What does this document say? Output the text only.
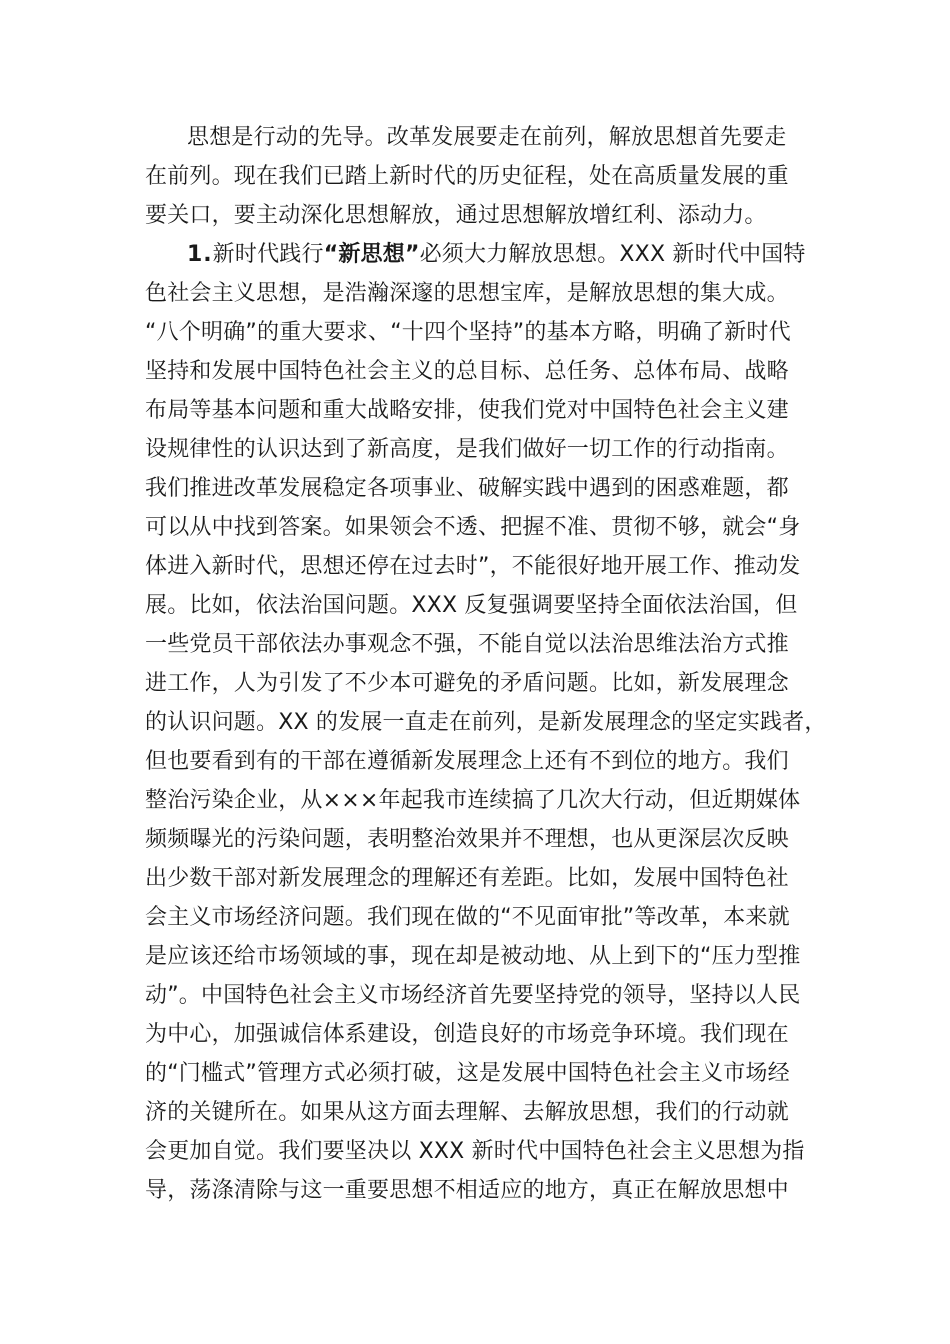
思想是行动的先导。改革发展要走在前列，解放思想首先要走

在前列。现在我们已踏上新时代的历史征程，处在高质量发展的重

要关口，要主动深化思想解放，通过思想解放增红利、添动力。

1.新时代践行“新思想”必须大力解放思想。XXX 新时代中国特

色社会主义思想，是浩瀚深邃的思想宝库，是解放思想的集大成。

“八个明确”的重大要求、“十四个坚持”的基本方略，明确了新时代

坚持和发展中国特色社会主义的总目标、总任务、总体布局、战略

布局等基本问题和重大战略安排，使我们党对中国特色社会主义建

设规律性的认识达到了新高度，是我们做好一切工作的行动指南。

我们推进改革发展稳定各项事业、破解实践中遇到的困惑难题，都

可以从中找到答案。如果领会不透、把握不准、贯彻不够，就会“身

体进入新时代，思想还停在过去时”，不能很好地开展工作、推动发

展。比如，依法治国问题。XXX 反复强调要坚持全面依法治国，但

一些党员干部依法办事观念不强，不能自觉以法治思维法治方式推

进工作，人为引发了不少本可避免的矛盾问题。比如，新发展理念

的认识问题。XX 的发展一直走在前列，是新发展理念的坚定实践者，

但也要看到有的干部在遵循新发展理念上还有不到位的地方。我们

整治污染企业，从×××年起我市连续搞了几次大行动，但近期媒体

频频曝光的污染问题，表明整治效果并不理想，也从更深层次反映

出少数干部对新发展理念的理解还有差距。比如，发展中国特色社

会主义市场经济问题。我们现在做的“不见面审批”等改革，本来就

是应该还给市场领域的事，现在却是被动地、从上到下的“压力型推

动”。中国特色社会主义市场经济首先要坚持党的领导，坚持以人民

为中心，加强诚信体系建设，创造良好的市场竞争环境。我们现在

的“门槛式”管理方式必须打破，这是发展中国特色社会主义市场经

济的关键所在。如果从这方面去理解、去解放思想，我们的行动就

会更加自觉。我们要坚决以 XXX 新时代中国特色社会主义思想为指

导，荡涤清除与这一重要思想不相适应的地方，真正在解放思想中
